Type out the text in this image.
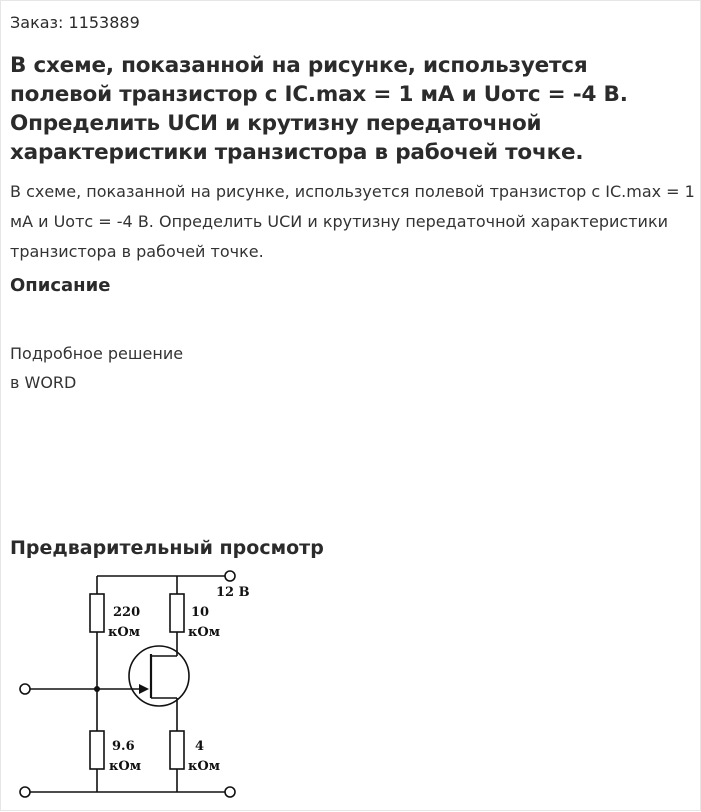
Заказ: 1153889
В схеме, показанной на рисунке, используется полевой транзистор с IC.max = 1 мА и Uотс = -4 В. Определить UСИ и крутизну передаточной характеристики транзистора в рабочей точке.

В схеме, показанной на рисунке, используется полевой транзистор с IC.max = 1 мА и Uотс = -4 В. Определить UСИ и крутизну передаточной характеристики транзистора в рабочей точке.

Описание
Подробное решение
в WORD
Предварительный просмотр
12 В
220
кОм
10
кОм
9.6
кОм
4
кОм
